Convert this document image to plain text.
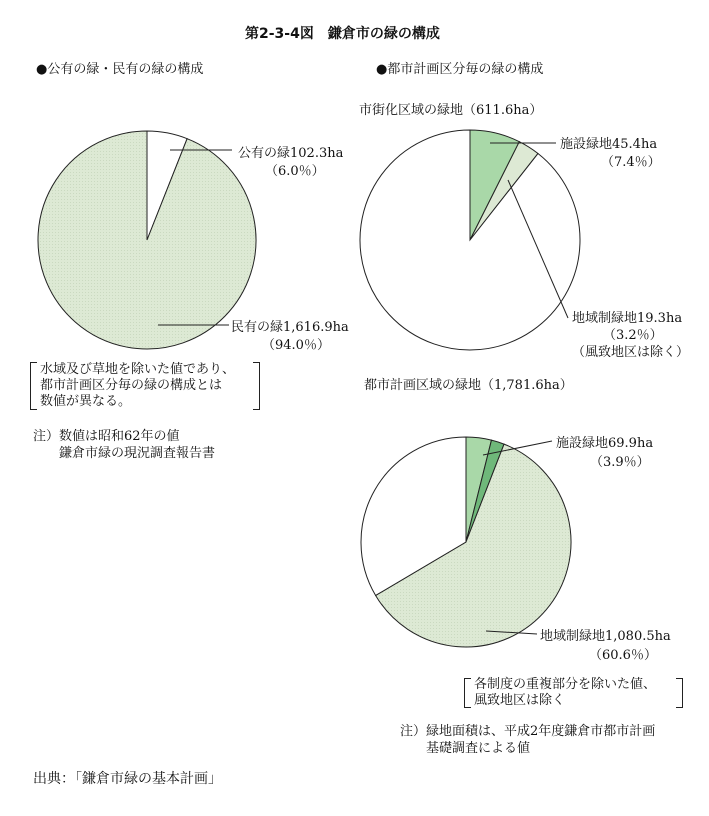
第2-3-4図　鎌倉市の緑の構成
●公有の緑・民有の緑の構成	●都市計画区分毎の緑の構成
公有の緑102.3ha
（6.0％）
民有の緑1,616.9ha
（94.0％）
水域及び草地を除いた値であり、
都市計画区分毎の緑の構成とは
数値が異なる。
注）数値は昭和62年の値
　　鎌倉市緑の現況調査報告書
市街化区域の緑地（611.6ha）
施設緑地45.4ha
（7.4％）
地域制緑地19.3ha
（3.2％）
（風致地区は除く）
都市計画区域の緑地（1,781.6ha）
施設緑地69.9ha
（3.9％）
地域制緑地1,080.5ha
（60.6％）
各制度の重複部分を除いた値、
風致地区は除く
注）緑地面積は、平成2年度鎌倉市都市計画
　　基礎調査による値
出典：「鎌倉市緑の基本計画」
